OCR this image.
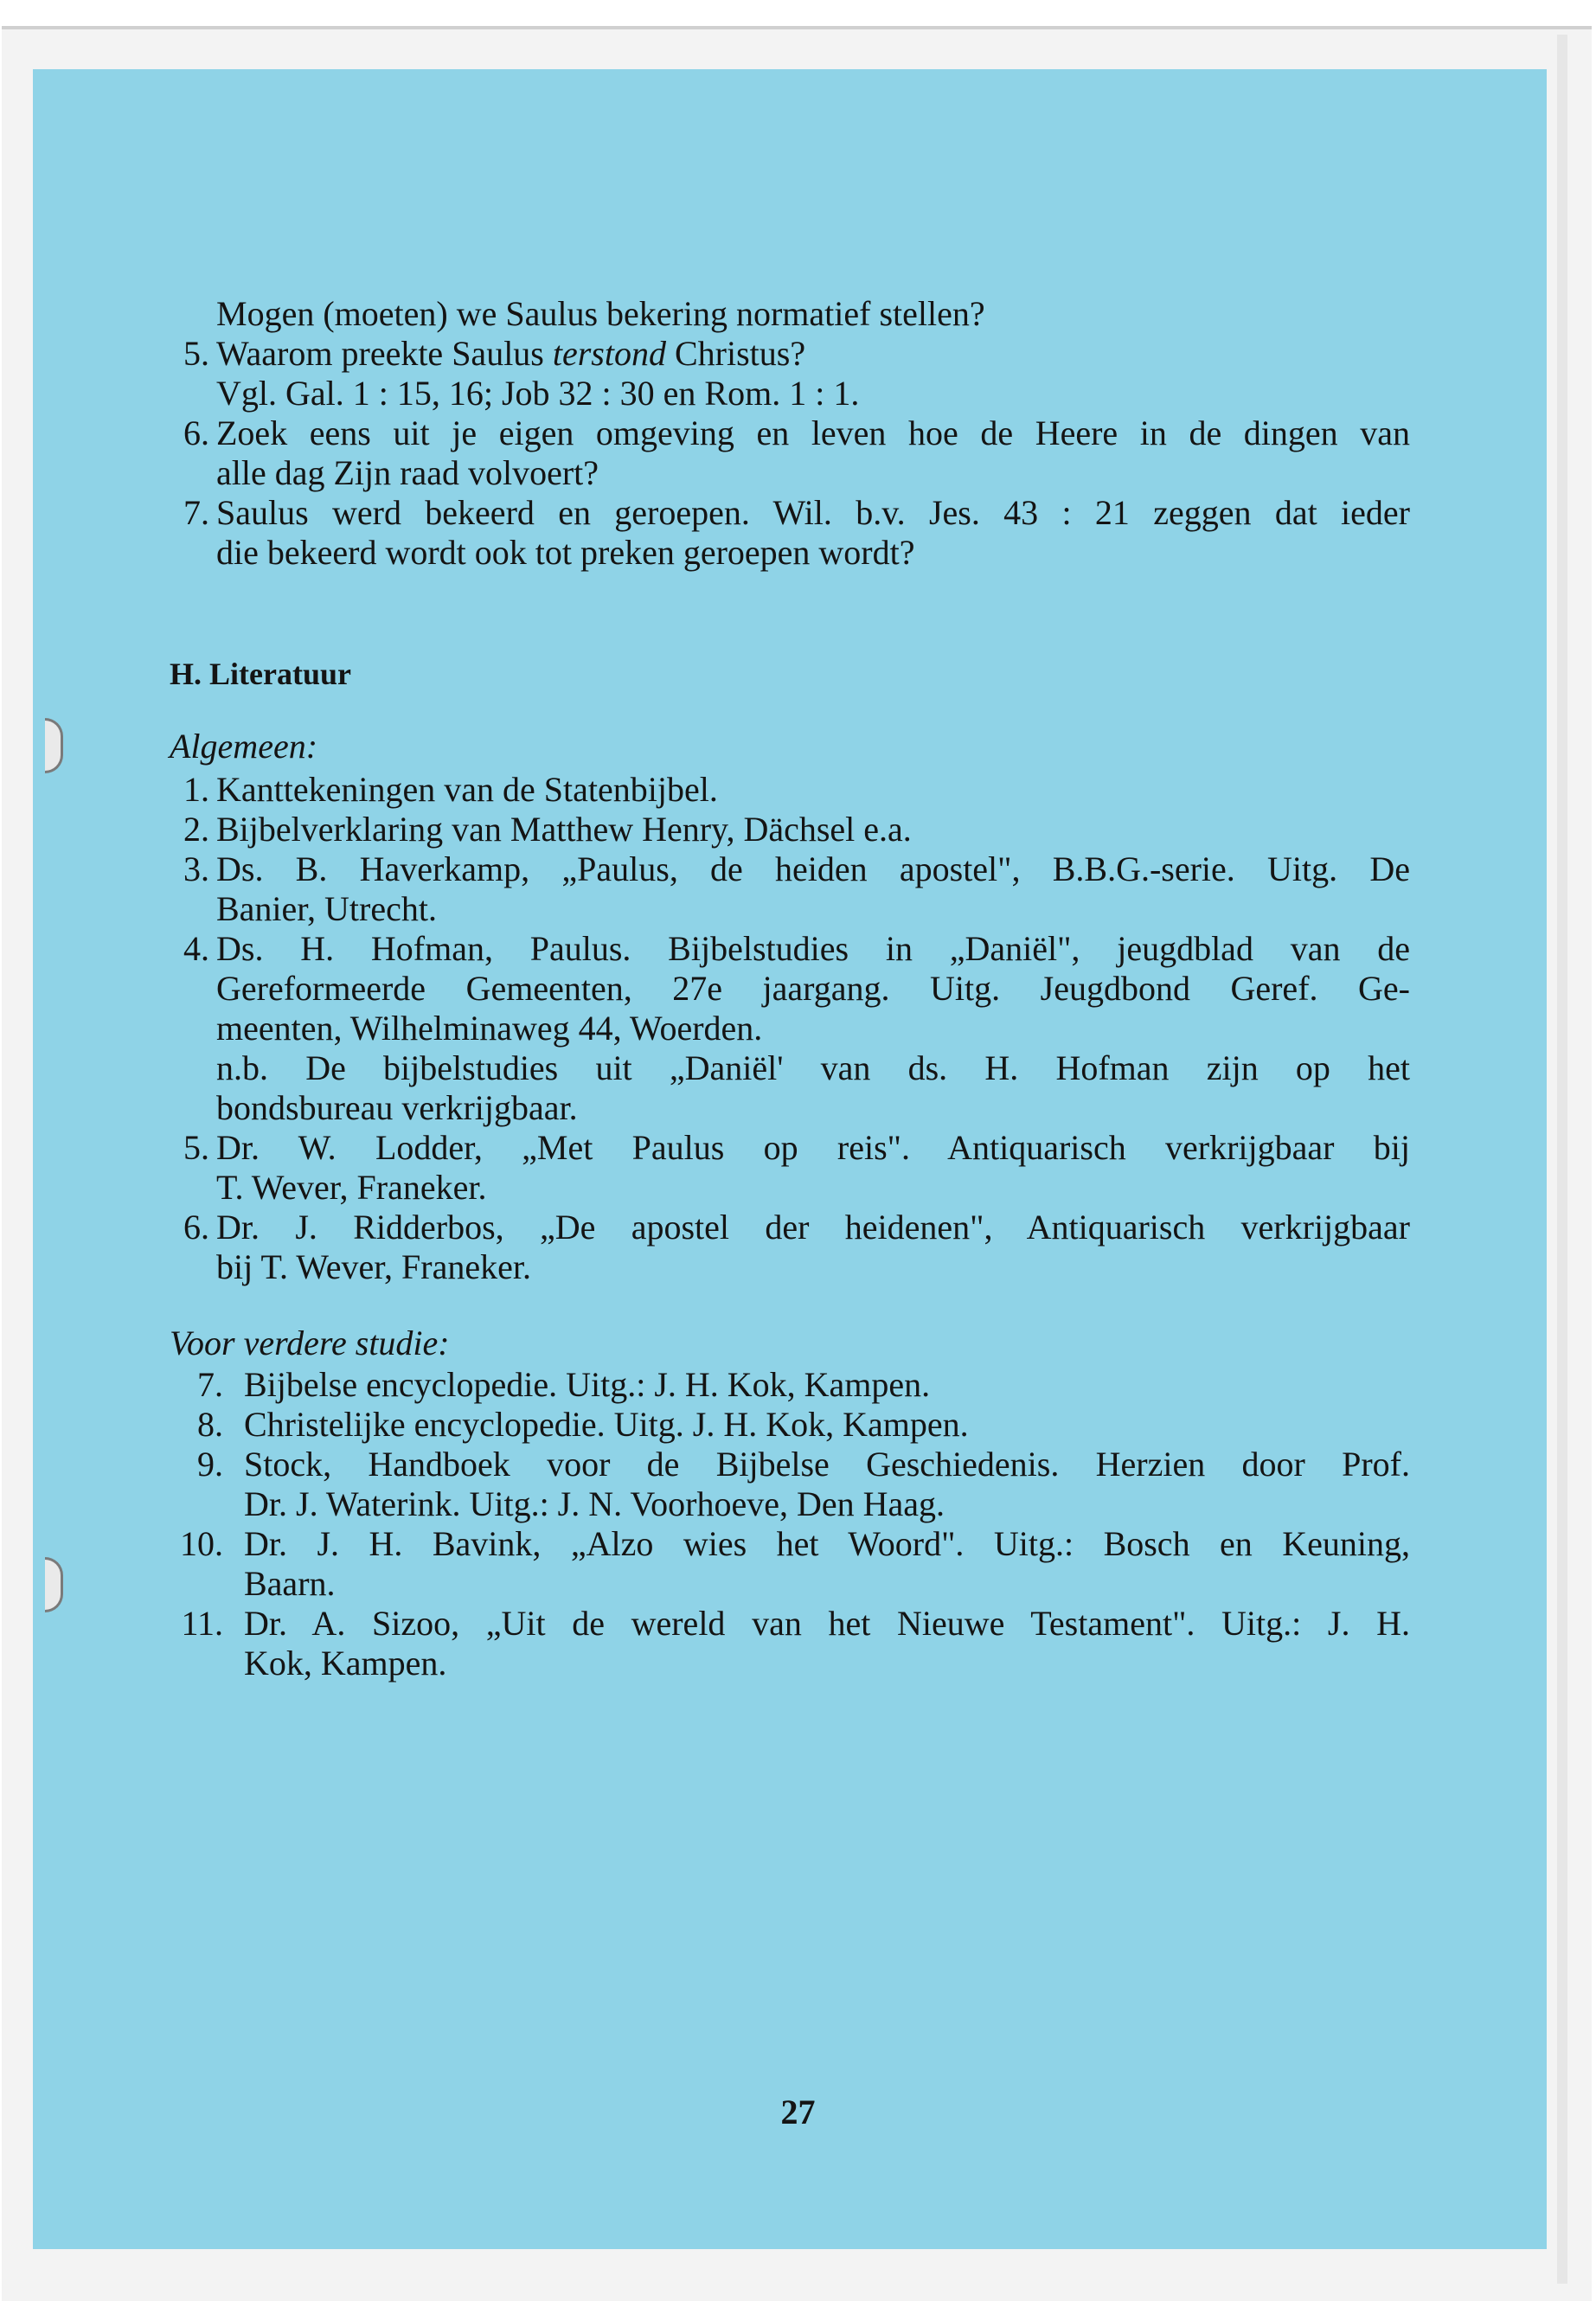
Mogen (moeten) we Saulus bekering normatief stellen?
5. Waarom preekte Saulus terstond Christus?
Vgl. Gal. 1 : 15, 16; Job 32 : 30 en Rom. 1 : 1.
6. Zoek eens uit je eigen omgeving en leven hoe de Heere in de dingen van
alle dag Zijn raad volvoert?
7. Saulus werd bekeerd en geroepen. Wil. b.v. Jes. 43 : 21 zeggen dat ieder
die bekeerd wordt ook tot preken geroepen wordt?
H. Literatuur
Algemeen:
1. Kanttekeningen van de Statenbijbel.
2. Bijbelverklaring van Matthew Henry, Dächsel e.a.
3. Ds. B. Haverkamp, „Paulus, de heiden apostel", B.B.G.-serie. Uitg. De
Banier, Utrecht.
4. Ds. H. Hofman, Paulus. Bijbelstudies in „Daniël", jeugdblad van de
Gereformeerde Gemeenten, 27e jaargang. Uitg. Jeugdbond Geref. Ge-
meenten, Wilhelminaweg 44, Woerden.
n.b. De bijbelstudies uit „Daniël' van ds. H. Hofman zijn op het
bondsbureau verkrijgbaar.
5. Dr. W. Lodder, „Met Paulus op reis". Antiquarisch verkrijgbaar bij
T. Wever, Franeker.
6. Dr. J. Ridderbos, „De apostel der heidenen", Antiquarisch verkrijgbaar
bij T. Wever, Franeker.
Voor verdere studie:
7. Bijbelse encyclopedie. Uitg.: J. H. Kok, Kampen.
8. Christelijke encyclopedie. Uitg. J. H. Kok, Kampen.
9. Stock, Handboek voor de Bijbelse Geschiedenis. Herzien door Prof.
Dr. J. Waterink. Uitg.: J. N. Voorhoeve, Den Haag.
10. Dr. J. H. Bavink, „Alzo wies het Woord". Uitg.: Bosch en Keuning,
Baarn.
11. Dr. A. Sizoo, „Uit de wereld van het Nieuwe Testament". Uitg.: J. H.
Kok, Kampen.
27
